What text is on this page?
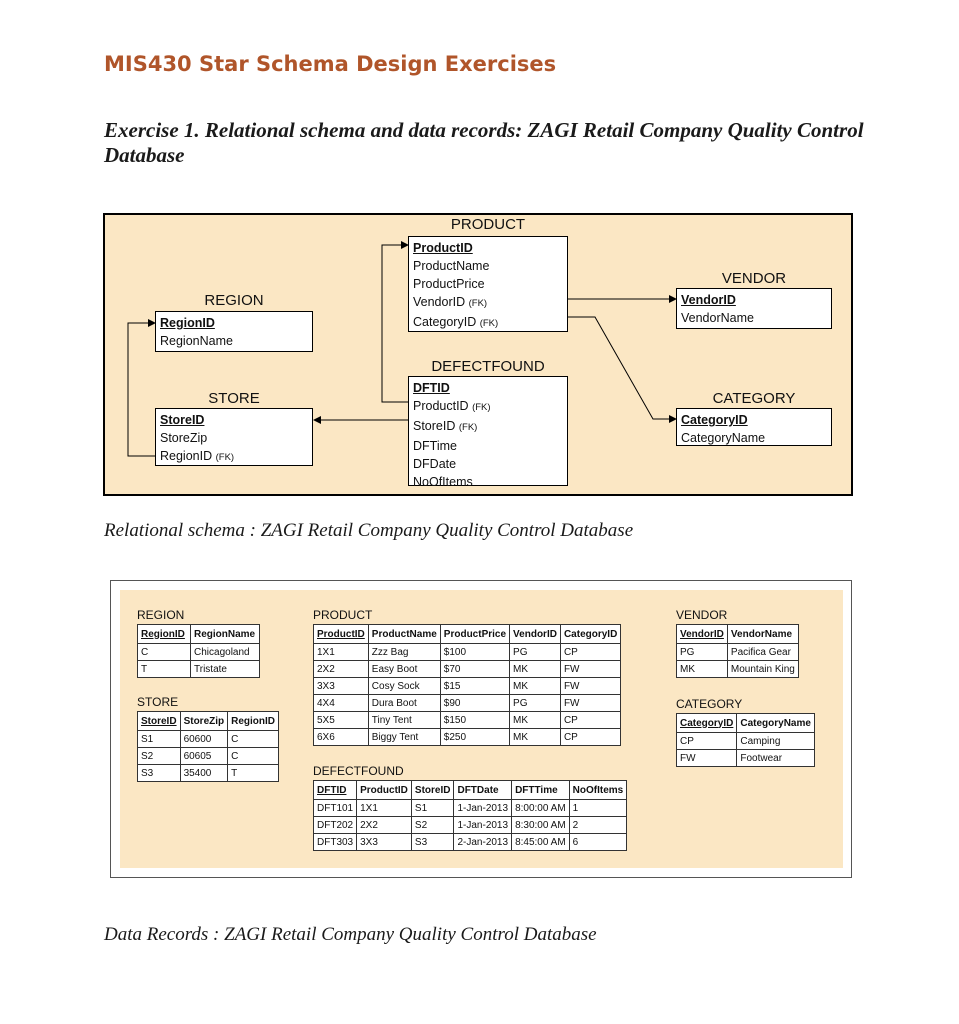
MIS430 Star Schema Design Exercises
Exercise 1. Relational schema and data records: ZAGI Retail Company Quality Control Database
PRODUCT
ProductID
ProductName
ProductPrice
VendorID (FK)
CategoryID (FK)
VENDOR
VendorID
VendorName
REGION
RegionID
RegionName
DEFECTFOUND
DFTID
ProductID (FK)
StoreID (FK)
DFTime
DFDate
NoOfItems
STORE
StoreID
StoreZip
RegionID (FK)
CATEGORY
CategoryID
CategoryName
Relational schema : ZAGI Retail Company Quality Control Database
REGION
RegionID	RegionName
C	Chicagoland
T	Tristate
STORE
StoreID	StoreZip	RegionID
S1	60600	C
S2	60605	C
S3	35400	T
PRODUCT
ProductID	ProductName	ProductPrice	VendorID	CategoryID
1X1	Zzz Bag	$100	PG	CP
2X2	Easy Boot	$70	MK	FW
3X3	Cosy Sock	$15	MK	FW
4X4	Dura Boot	$90	PG	FW
5X5	Tiny Tent	$150	MK	CP
6X6	Biggy Tent	$250	MK	CP
DEFECTFOUND
DFTID	ProductID	StoreID	DFTDate	DFTTime	NoOfItems
DFT101	1X1	S1	1-Jan-2013	8:00:00 AM	1
DFT202	2X2	S2	1-Jan-2013	8:30:00 AM	2
DFT303	3X3	S3	2-Jan-2013	8:45:00 AM	6
VENDOR
VendorID	VendorName
PG	Pacifica Gear
MK	Mountain King
CATEGORY
CategoryID	CategoryName
CP	Camping
FW	Footwear
Data Records : ZAGI Retail Company Quality Control Database
